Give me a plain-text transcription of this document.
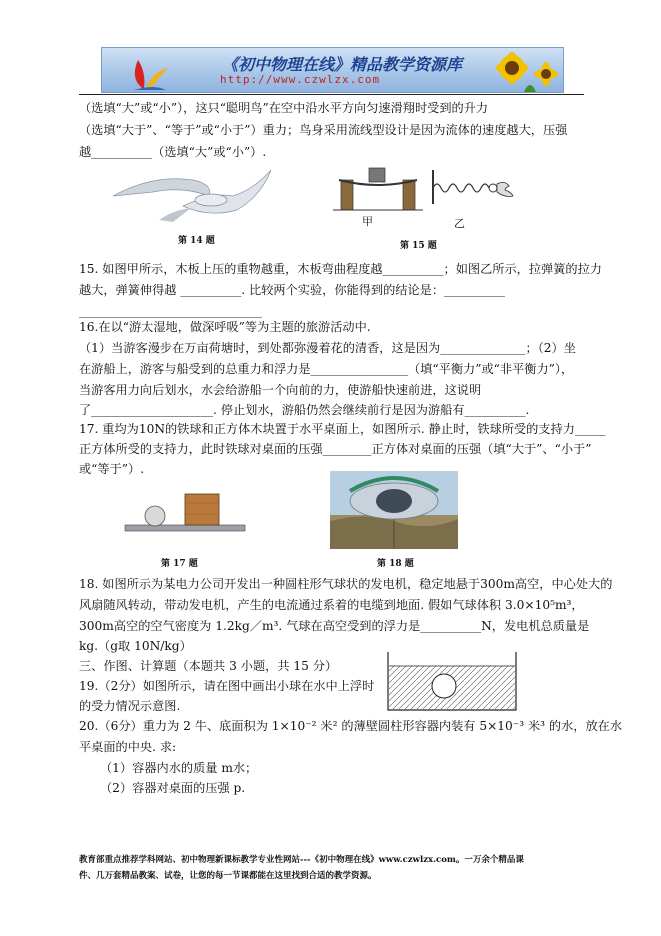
《初中物理在线》精品教学资源库
http://www.czwlzx.com
（选填“大”或“小”），这只“聪明鸟”在空中沿水平方向匀速滑翔时受到的升力
（选填“大于”、“等于”或“小于”）重力；鸟身采用流线型设计是因为流体的速度越大，压强
越__________（选填“大”或“小”）.
第 14 题
甲	乙
第 15 题
15. 如图甲所示，木板上压的重物越重，木板弯曲程度越__________；如图乙所示，拉弹簧的拉力
越大，弹簧伸得越 __________. 比较两个实验，你能得到的结论是：__________
______________________________
16.在以“游太湿地，做深呼吸”等为主题的旅游活动中.
（1）当游客漫步在万亩荷塘时，到处都弥漫着花的清香，这是因为______________；（2）坐
在游船上，游客与船受到的总重力和浮力是________________（填“平衡力”或“非平衡力”），
当游客用力向后划水，水会给游船一个向前的力，使游船快速前进，这说明
了____________________. 停止划水，游船仍然会继续前行是因为游船有__________.
17. 重均为10N的铁球和正方体木块置于水平桌面上，如图所示. 静止时，铁球所受的支持力_____
正方体所受的支持力，此时铁球对桌面的压强________正方体对桌面的压强（填“大于”、“小于”
或“等于”）.
第 17 题	第 18 题
18. 如图所示为某电力公司开发出一种圆柱形气球状的发电机，稳定地悬于300m高空，中心处大的
风扇随风转动，带动发电机，产生的电流通过系着的电缆到地面. 假如气球体积 3.0×10⁵m³，
300m高空的空气密度为 1.2kg／m³. 气球在高空受到的浮力是__________N，发电机总质量是
kg.（g取 10N/kg）
三、作图、计算题（本题共 3 小题，共 15 分）
19.（2分）如图所示，请在图中画出小球在水中上浮时
的受力情况示意图.
20.（6分）重力为 2 牛、底面积为 1×10⁻² 米² 的薄壁圆柱形容器内装有 5×10⁻³ 米³ 的水，放在水
平桌面的中央. 求:
（1）容器内水的质量 m水；
（2）容器对桌面的压强 p.
教育部重点推荐学科网站、初中物理新课标教学专业性网站---《初中物理在线》www.czwlzx.com。一万余个精品课
件、几万套精品教案、试卷，让您的每一节课都能在这里找到合适的教学资源。
